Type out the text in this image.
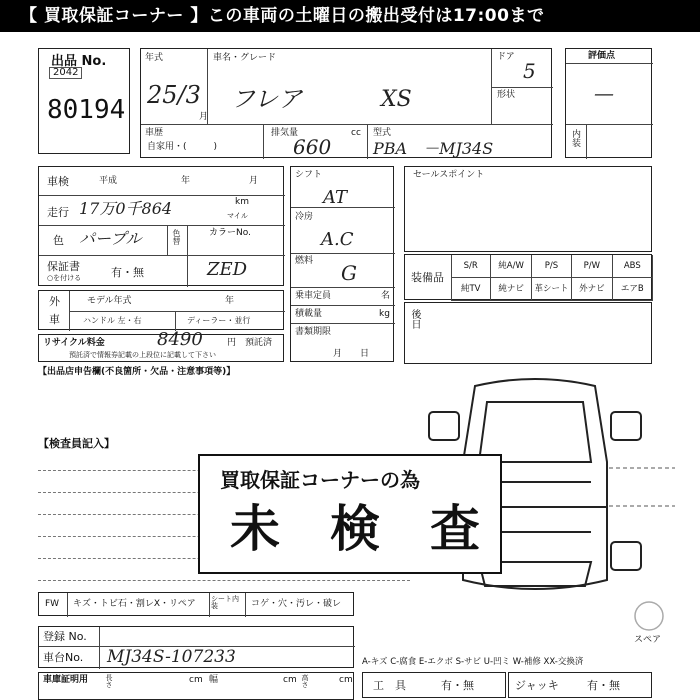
【 買取保証コーナー 】この車両の土曜日の搬出受付は17:00まで
出品 No.
2042
80194
年式
25/3
月
車名・グレード
フレア	XS
ドア
5
形状
車歴
自家用・(　　　)
排気量
660
cc 型式
PBA　－MJ34S
評価点
—
内装
車検	平成	年	月
走行 17万0千864	km
マイル
色 パープル	色替	カラーNo.
保証書
○を付ける	有・無	ZED
シフト
AT
冷房
A.C
燃料 G
乗車定員	名
積載量	kg
書類期限
月　　日
外
車
モデル年式	年
ハンドル 左・右	ディーラー・並行
リサイクル料金	8490	円 預託済
預託済で情報券記載の上段位に記載して下さい
セールスポイント
装備品
S/R	純A/W	P/S	P/W	ABS
純TV	純ナビ	革シート	外ナビ	エアB
後日
【出品店申告欄(不良箇所・欠品・注意事項等)】
スペア
【検査員記入】
買取保証コーナーの為
未　検　査
FW キズ・トビ石・割レX・リペア シート内装	コゲ・穴・汚レ・破レ
登録 No.
車台No. MJ34S-107233
車庫証明用 長さ	cm 幅	cm 高さ	cm
A-キズ C-腐食 E-エクボ S-サビ U-凹ミ W-補修 XX-交換済
工　具	有・無	ジャッキ	有・無
